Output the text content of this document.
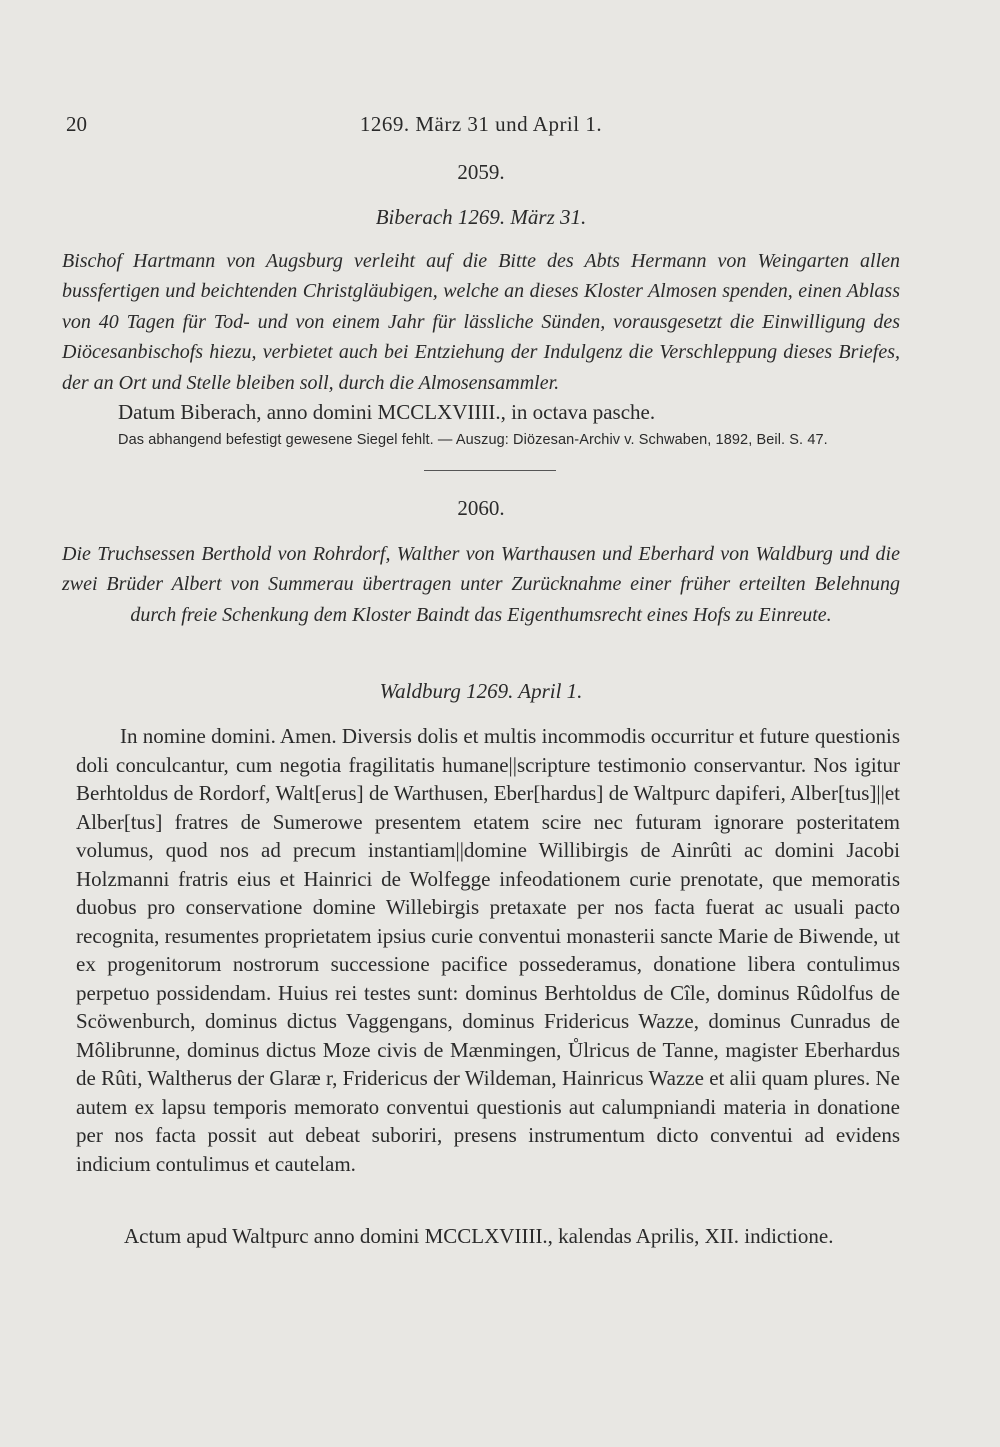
20	1269. März 31 und April 1.
2059.
Biberach 1269. März 31.

Bischof Hartmann von Augsburg verleiht auf die Bitte des Abts Hermann von Weingarten allen bussfertigen und beichtenden Christgläubigen, welche an dieses Kloster Almosen spenden, einen Ablass von 40 Tagen für Tod- und von einem Jahr für lässliche Sünden, vorausgesetzt die Einwilligung des Diöcesanbischofs hiezu, verbietet auch bei Entziehung der Indulgenz die Verschleppung dieses Briefes, der an Ort und Stelle bleiben soll, durch die Almosensammler.

Datum Biberach, anno domini MCCLXVIIII., in octava pasche.

Das abhangend befestigt gewesene Siegel fehlt. — Auszug: Diözesan-Archiv v. Schwaben, 1892, Beil. S. 47.

2060.

Die Truchsessen Berthold von Rohrdorf, Walther von Warthausen und Eberhard von Waldburg und die zwei Brüder Albert von Summerau übertragen unter Zurücknahme einer früher erteilten Belehnung durch freie Schenkung dem Kloster Baindt das Eigenthumsrecht eines Hofs zu Einreute.

Waldburg 1269. April 1.

In nomine domini. Amen. Diversis dolis et multis incommodis occurritur et future questionis doli conculcantur, cum negotia fragilitatis humane||scripture testimonio conservantur. Nos igitur Berhtoldus de Rordorf, Walt[erus] de Warthusen, Eber[hardus] de Waltpurc dapiferi, Alber[tus]||et Alber[tus] fratres de Sumerowe presentem etatem scire nec futuram ignorare posteritatem volumus, quod nos ad precum instantiam||domine Willibirgis de Ainrûti ac domini Jacobi Holzmanni fratris eius et Hainrici de Wolfegge infeodationem curie prenotate, que memoratis duobus pro conservatione domine Willebirgis pretaxate per nos facta fuerat ac usuali pacto recognita, resumentes proprietatem ipsius curie conventui monasterii sancte Marie de Biwende, ut ex progenitorum nostrorum successione pacifice possederamus, donatione libera contulimus perpetuo possidendam. Huius rei testes sunt: dominus Berhtoldus de Cîle, dominus Rûdolfus de Scöwenburch, dominus dictus Vaggengans, dominus Fridericus Wazze, dominus Cunradus de Môlibrunne, dominus dictus Moze civis de Mænmingen, Ůlricus de Tanne, magister Eberhardus de Rûti, Waltherus der Glaræ r, Fridericus der Wildeman, Hainricus Wazze et alii quam plures. Ne autem ex lapsu temporis memorato conventui questionis aut calumpniandi materia in donatione per nos facta possit aut debeat suboriri, presens instrumentum dicto conventui ad evidens indicium contulimus et cautelam.

Actum apud Waltpurc anno domini MCCLXVIIII., kalendas Aprilis, XII. indictione.
